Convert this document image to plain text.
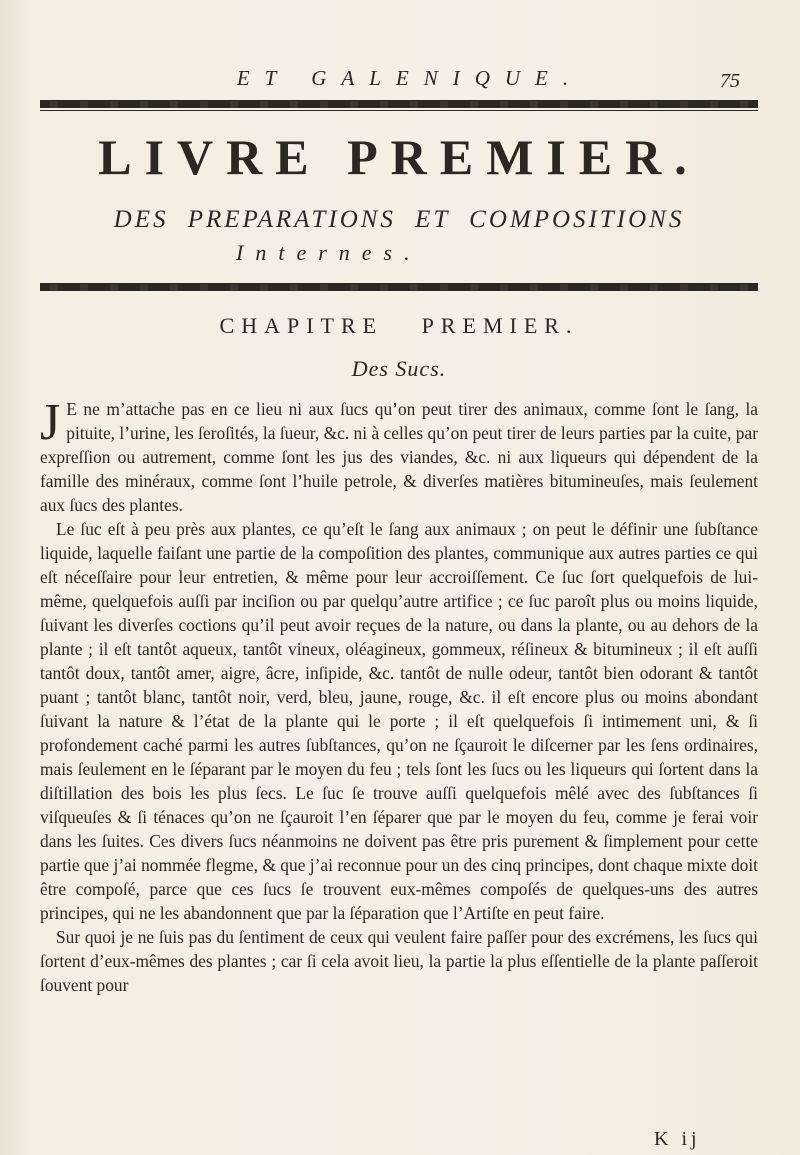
ET GALENIQUE.	75
LIVRE PREMIER.
DES PREPARATIONS ET COMPOSITIONS
Internes.
CHAPITRE PREMIER.
Des Sucs.

J E ne m’attache pas en ce lieu ni aux ſucs qu’on peut tirer des animaux, comme ſont le ſang, la pituite, l’urine, les ſeroſités, la ſueur, &c. ni à celles qu’on peut tirer de leurs parties par la cuite, par expreſſion ou autrement, comme ſont les jus des viandes, &c. ni aux liqueurs qui dépendent de la famille des minéraux, comme ſont l’huile petrole, & diverſes matières bitumineuſes, mais ſeulement aux ſucs des plantes.

Le ſuc eſt à peu près aux plantes, ce qu’eſt le ſang aux animaux ; on peut le définir une ſubſtance liquide, laquelle faiſant une partie de la compoſition des plantes, communique aux autres parties ce qui eſt néceſſaire pour leur entretien, & même pour leur accroiſſement. Ce ſuc ſort quelquefois de lui-même, quelquefois auſſi par inciſion ou par quelqu’autre artifice ; ce ſuc paroît plus ou moins liquide, ſuivant les diverſes coctions qu’il peut avoir reçues de la nature, ou dans la plante, ou au dehors de la plante ; il eſt tantôt aqueux, tantôt vineux, oléagineux, gommeux, réſineux & bitumineux ; il eſt auſſi tantôt doux, tantôt amer, aigre, âcre, inſipide, &c. tantôt de nulle odeur, tantôt bien odorant & tantôt puant ; tantôt blanc, tantôt noir, verd, bleu, jaune, rouge, &c. il eſt encore plus ou moins abondant ſuivant la nature & l’état de la plante qui le porte ; il eſt quelquefois ſi intimement uni, & ſi profondement caché parmi les autres ſubſtances, qu’on ne ſçauroit le diſcerner par les ſens ordinaires, mais ſeulement en le ſéparant par le moyen du feu ; tels ſont les ſucs ou les liqueurs qui ſortent dans la diſtillation des bois les plus ſecs. Le ſuc ſe trouve auſſi quelquefois mêlé avec des ſubſtances ſi viſqueuſes & ſi ténaces qu’on ne ſçauroit l’en ſéparer que par le moyen du feu, comme je ferai voir dans les ſuites. Ces divers ſucs néanmoins ne doivent pas être pris purement & ſimplement pour cette partie que j’ai nommée flegme, & que j’ai reconnue pour un des cinq principes, dont chaque mixte doit être compoſé, parce que ces ſucs ſe trouvent eux-mêmes compoſés de quelques-uns des autres principes, qui ne les abandonnent que par la ſéparation que l’Artiſte en peut faire.

Sur quoi je ne ſuis pas du ſentiment de ceux qui veulent faire paſſer pour des excrémens, les ſucs qui ſortent d’eux-mêmes des plantes ; car ſi cela avoit lieu, la partie la plus eſſentielle de la plante paſſeroit ſouvent pour

K ij
